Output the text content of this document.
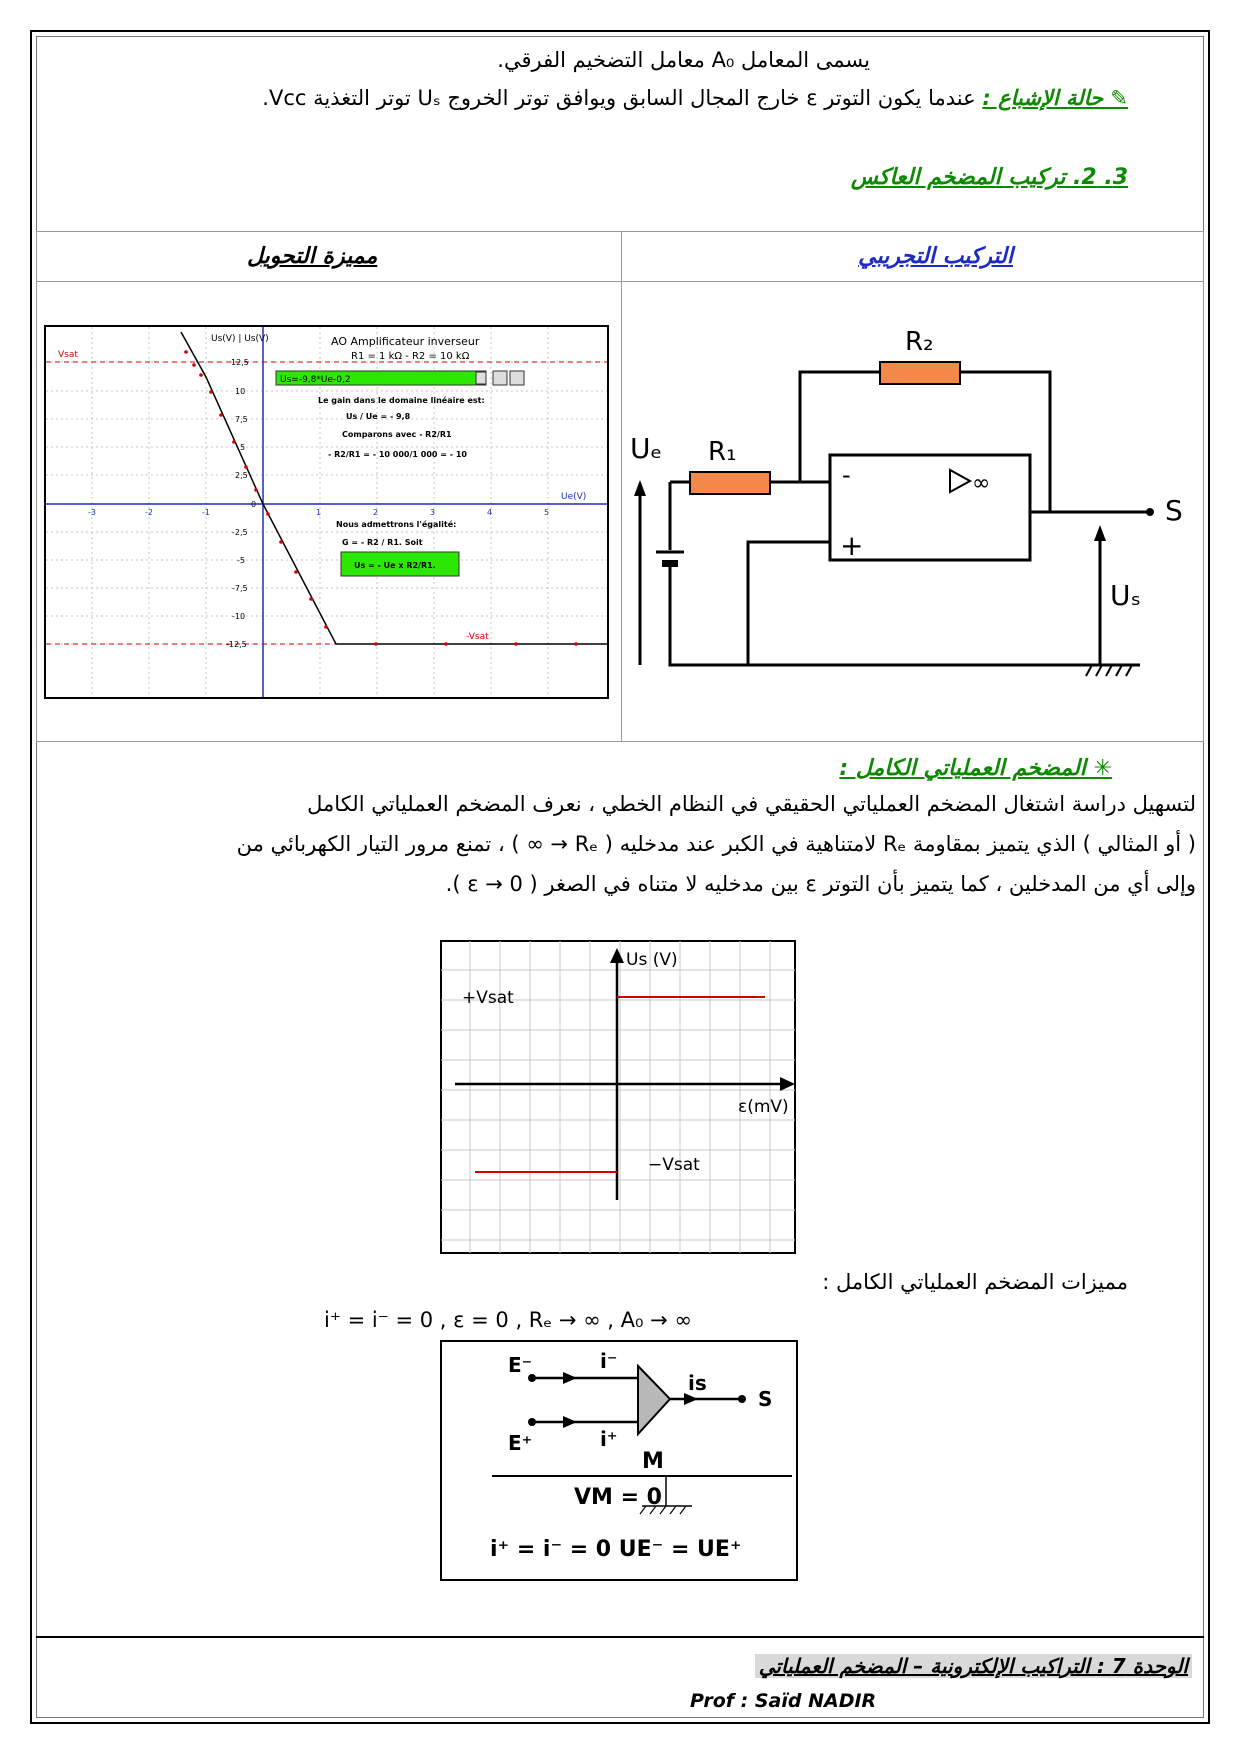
يسمى المعامل A₀ معامل التضخيم الفرقي.
✎ حالة الإشباع : عندما يكون التوتر ε خارج المجال السابق ويوافق توتر الخروج Uₛ توتر التغذية Vcc.
3. 2. تركيب المضخم العاكس
التركيب التجريبي
مميزة التحويل
∞
-
+
R₁
R₂
Uₑ
Uₛ
S
AO Amplificateur inverseur
R1 = 1 kΩ - R2 = 10 kΩ
Us(V) | Us(V)
Ue(V)
Vsat
-Vsat
Us=-9,8*Ue-0,2
Le gain dans le domaine linéaire est:
Us / Ue = - 9,8
Comparons avec - R2/R1
- R2/R1 = - 10 000/1 000 = - 10
Nous admettrons l'égalité:
G = - R2 / R1. Soit
Us = - Ue x R2/R1.
-3	-2	-1	1	2	3	4	5
12,5
10
7,5
5
2,5
0
-2,5
-5
-7,5
-10
-12,5
✳ المضخم العملياتي الكامل :
لتسهيل دراسة اشتغال المضخم العملياتي الحقيقي في النظام الخطي ، نعرف المضخم العملياتي الكامل
( أو المثالي ) الذي يتميز بمقاومة Rₑ لامتناهية في الكبر عند مدخليه ( Rₑ → ∞ ) ، تمنع مرور التيار الكهربائي من
وإلى أي من المدخلين ، كما يتميز بأن التوتر ε بين مدخليه لا متناه في الصغر ( ε → 0 ).
Us (V)
ε(mV)
+Vsat
−Vsat
مميزات المضخم العملياتي الكامل :
i⁺ = i⁻ = 0 , ε = 0 , Rₑ → ∞ , A₀ → ∞
E⁻
E⁺
i⁻
i⁺
is
S
M
VM = 0
i⁺ = i⁻ = 0 UE⁻ = UE⁺
الوحدة 7 : التراكيب الإلكترونية – المضخم العملياتي
Prof : Saïd NADIR
